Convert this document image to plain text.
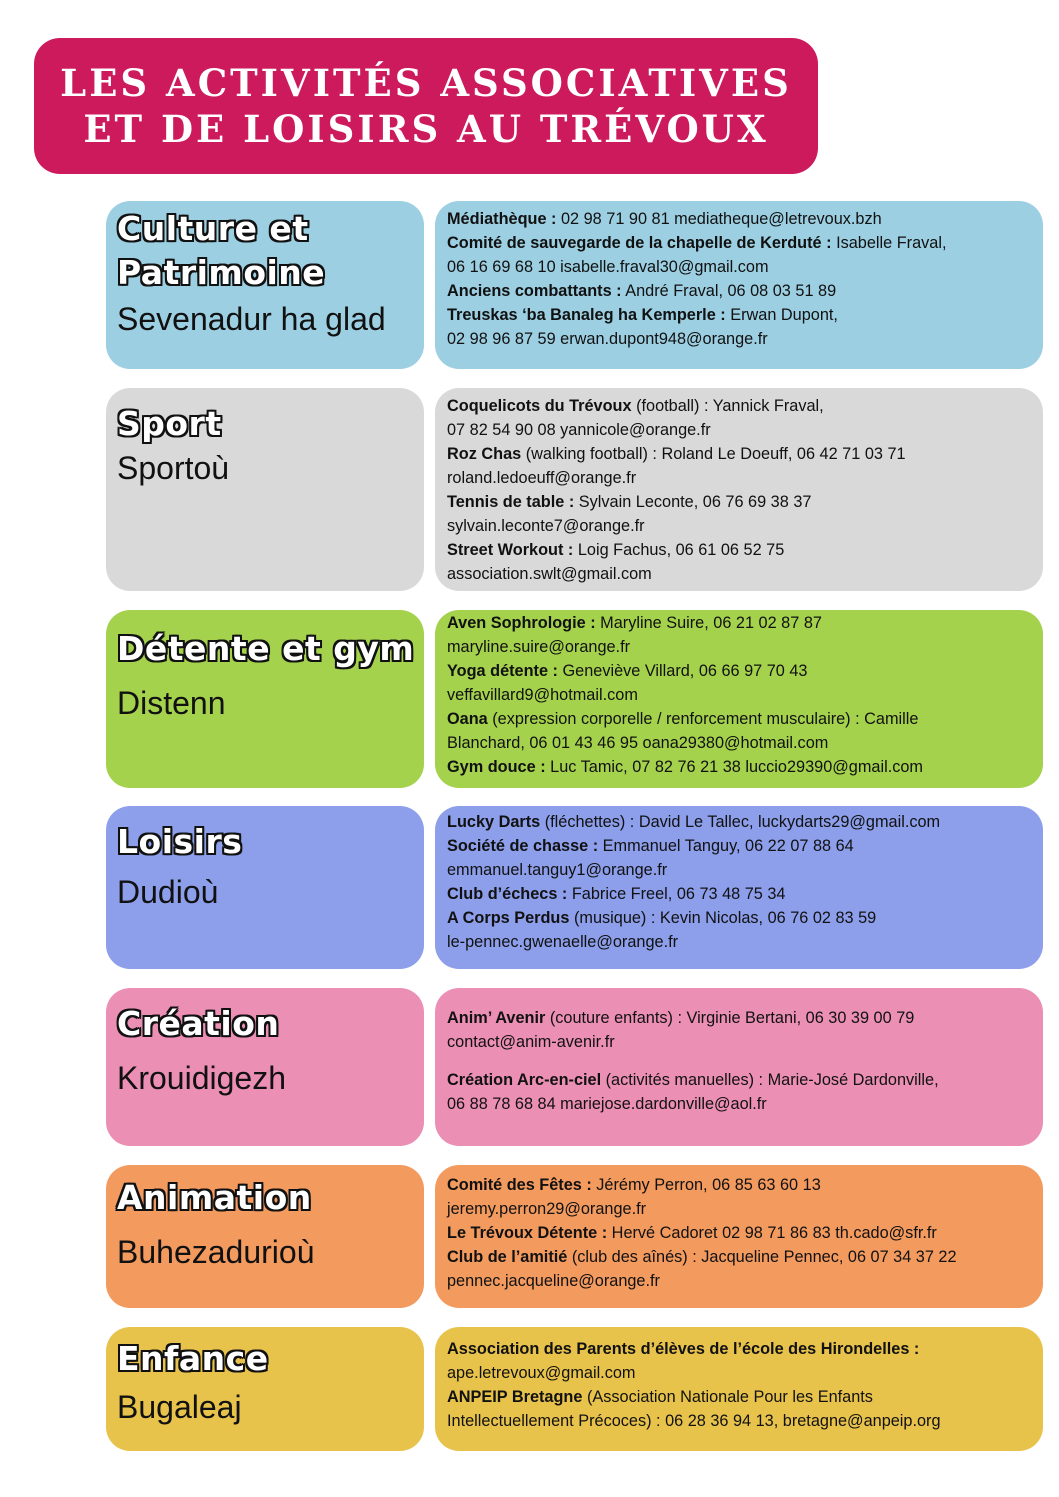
LES ACTIVITÉS ASSOCIATIVES
ET DE LOISIRS AU TRÉVOUX
Culture et
Patrimoine
Sevenadur ha glad
Médiathèque : 02 98 71 90 81 mediatheque@letrevoux.bzh
Comité de sauvegarde de la chapelle de Kerduté : Isabelle Fraval,
06 16 69 68 10 isabelle.fraval30@gmail.com
Anciens combattants : André Fraval, 06 08 03 51 89
Treuskas ‘ba Banaleg ha Kemperle : Erwan Dupont,
02 98 96 87 59 erwan.dupont948@orange.fr
Sport
Sportoù
Coquelicots du Trévoux (football) : Yannick Fraval,
07 82 54 90 08 yannicole@orange.fr
Roz Chas (walking football) : Roland Le Doeuff, 06 42 71 03 71
roland.ledoeuff@orange.fr
Tennis de table : Sylvain Leconte, 06 76 69 38 37
sylvain.leconte7@orange.fr
Street Workout : Loig Fachus, 06 61 06 52 75
association.swlt@gmail.com
Détente et gym
Distenn
Aven Sophrologie : Maryline Suire, 06 21 02 87 87
maryline.suire@orange.fr
Yoga détente : Geneviève Villard, 06 66 97 70 43
veffavillard9@hotmail.com
Oana (expression corporelle / renforcement musculaire) : Camille
Blanchard, 06 01 43 46 95 oana29380@hotmail.com
Gym douce : Luc Tamic, 07 82 76 21 38 luccio29390@gmail.com
Loisirs
Dudioù
Lucky Darts (fléchettes) : David Le Tallec, luckydarts29@gmail.com
Société de chasse : Emmanuel Tanguy, 06 22 07 88 64
emmanuel.tanguy1@orange.fr
Club d’échecs : Fabrice Freel, 06 73 48 75 34
A Corps Perdus (musique) : Kevin Nicolas, 06 76 02 83 59
le-pennec.gwenaelle@orange.fr
Création
Krouidigezh
Anim’ Avenir (couture enfants) : Virginie Bertani, 06 30 39 00 79
contact@anim-avenir.fr
Création Arc-en-ciel (activités manuelles) : Marie-José Dardonville,
06 88 78 68 84 mariejose.dardonville@aol.fr
Animation
Buhezadurioù
Comité des Fêtes : Jérémy Perron, 06 85 63 60 13
jeremy.perron29@orange.fr
Le Trévoux Détente : Hervé Cadoret 02 98 71 86 83 th.cado@sfr.fr
Club de l’amitié (club des aînés) : Jacqueline Pennec, 06 07 34 37 22
pennec.jacqueline@orange.fr
Enfance
Bugaleaj
Association des Parents d’élèves de l’école des Hirondelles :
ape.letrevoux@gmail.com
ANPEIP Bretagne (Association Nationale Pour les Enfants
Intellectuellement Précoces) : 06 28 36 94 13, bretagne@anpeip.org
